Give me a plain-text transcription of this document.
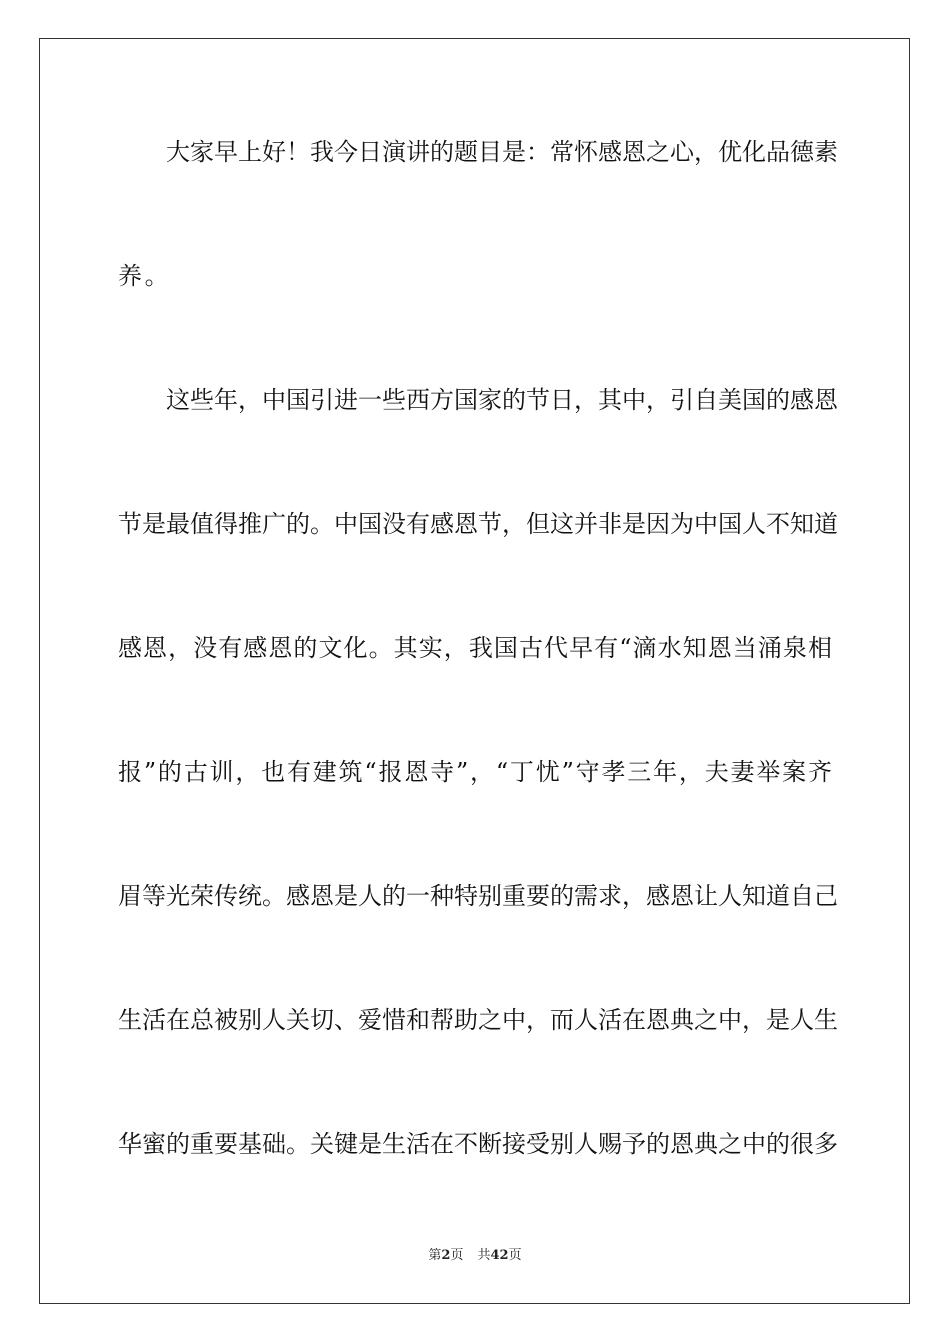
大家早上好！我今日演讲的题目是：常怀感恩之心，优化品德素
养。
这些年，中国引进一些西方国家的节日，其中，引自美国的感恩
节是最值得推广的。中国没有感恩节，但这并非是因为中国人不知道
感恩，没有感恩的文化。其实，我国古代早有“滴水知恩当涌泉相
报”的古训，也有建筑“报恩寺”，“丁忧”守孝三年，夫妻举案齐
眉等光荣传统。感恩是人的一种特别重要的需求，感恩让人知道自己
生活在总被别人关切、爱惜和帮助之中，而人活在恩典之中，是人生
华蜜的重要基础。关键是生活在不断接受别人赐予的恩典之中的很多
第2页 共42页
